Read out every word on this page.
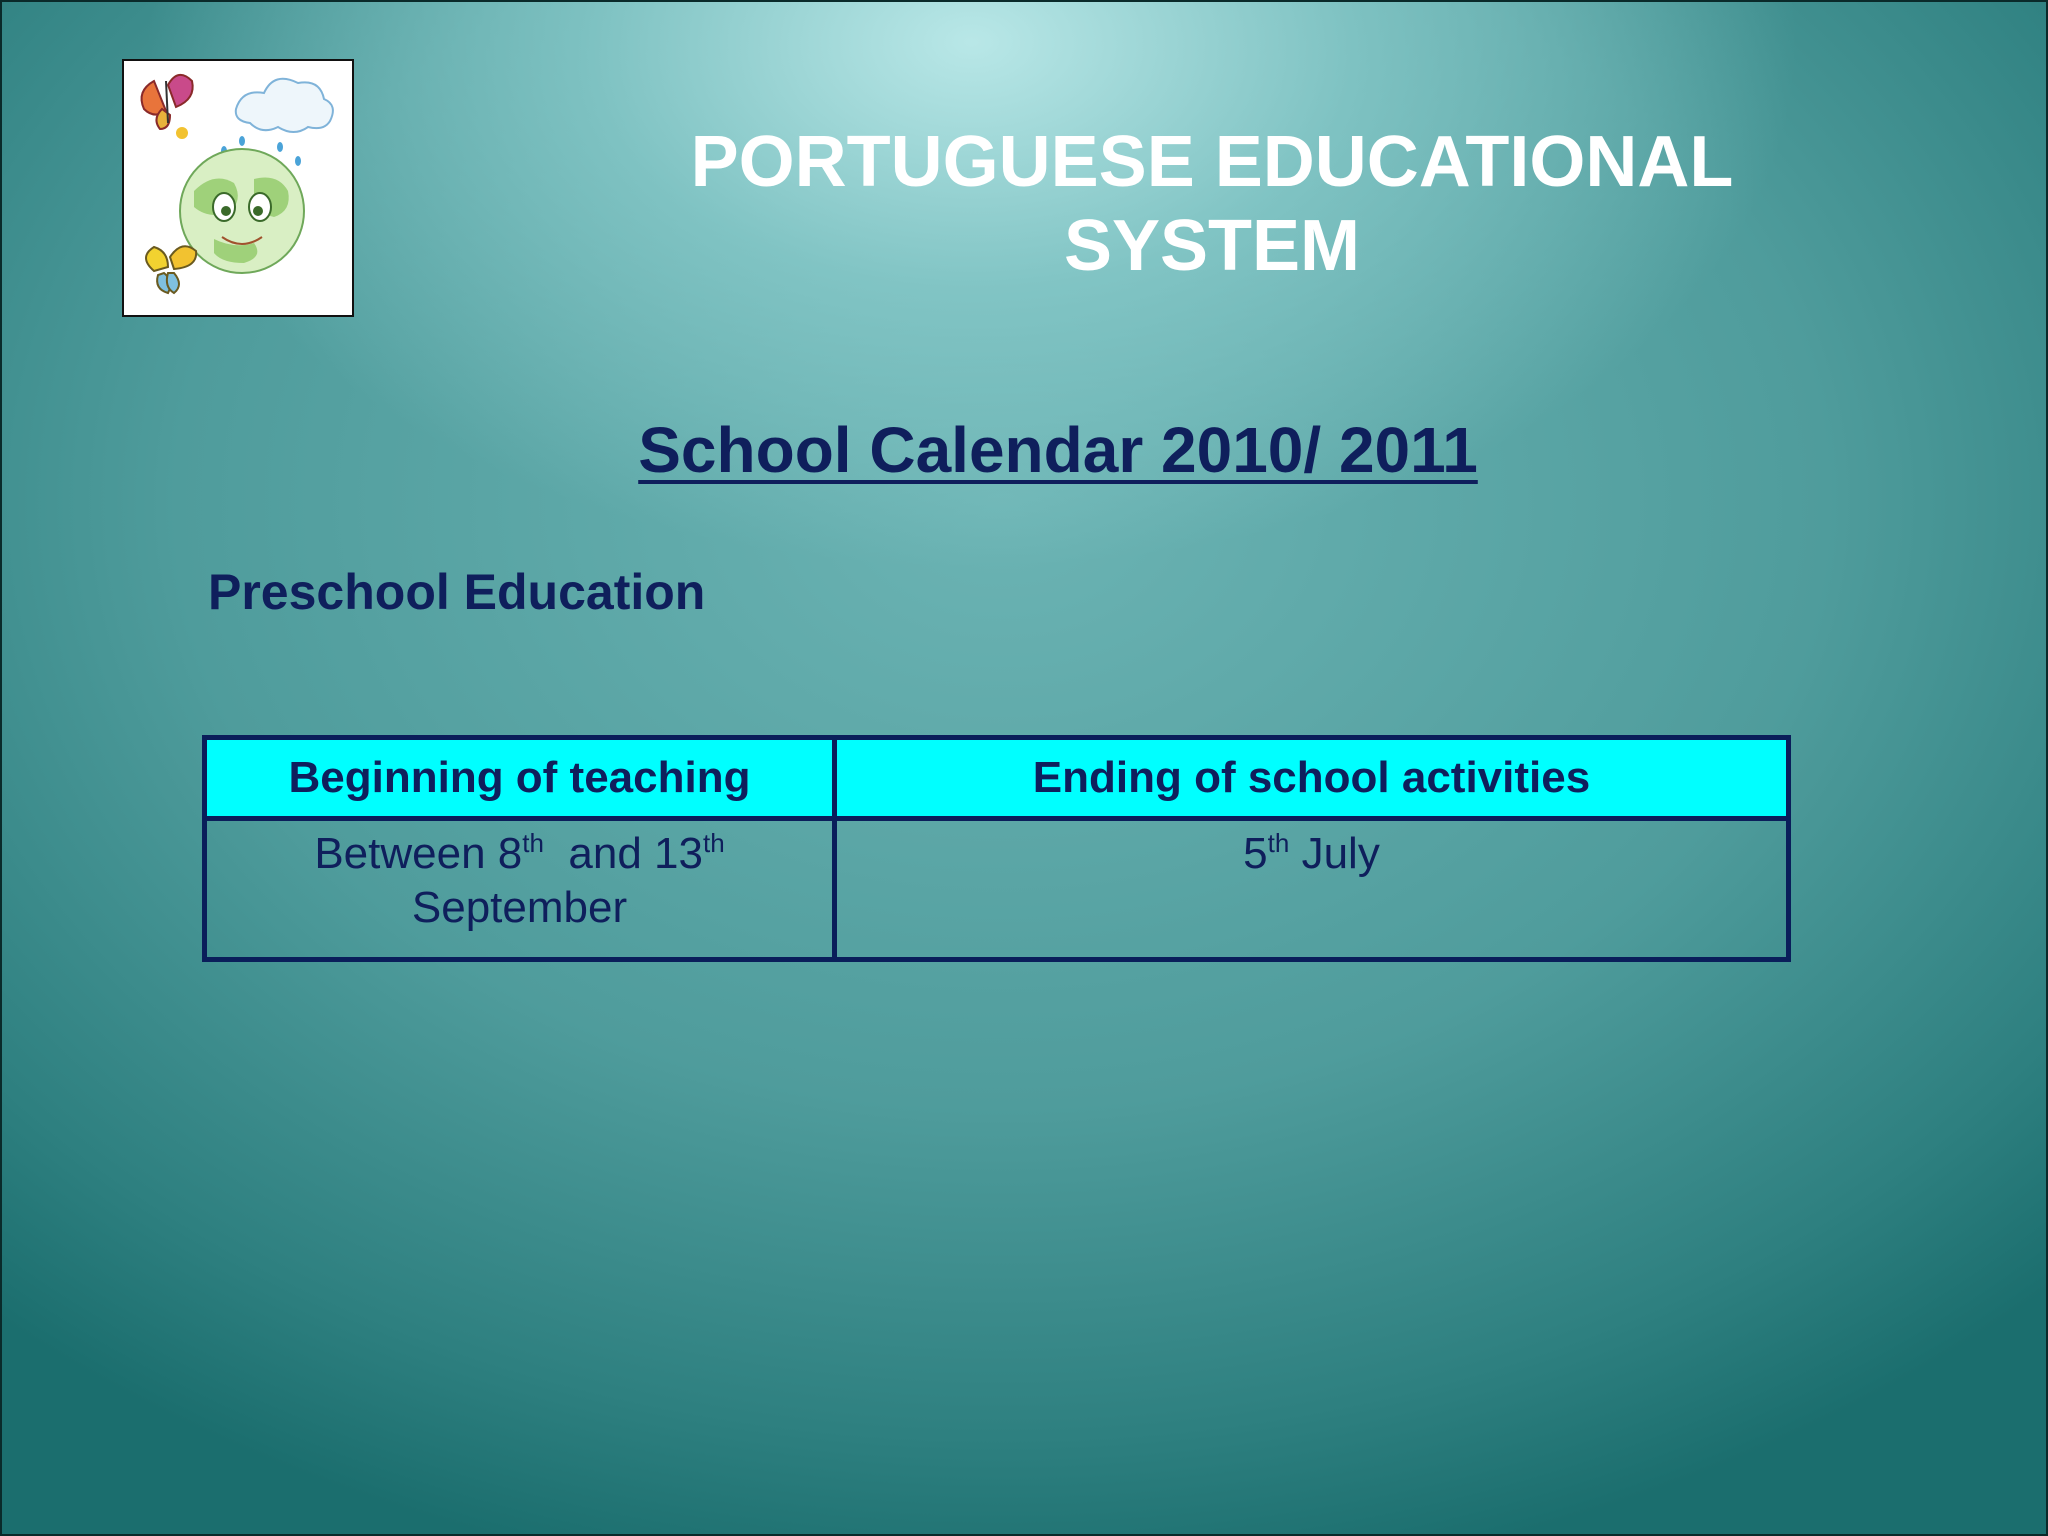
PORTUGUESE EDUCATIONAL
SYSTEM
School Calendar 2010/ 2011
Preschool Education
Beginning of teaching	Ending of school activities
Between 8th  and 13th
September	5th July
